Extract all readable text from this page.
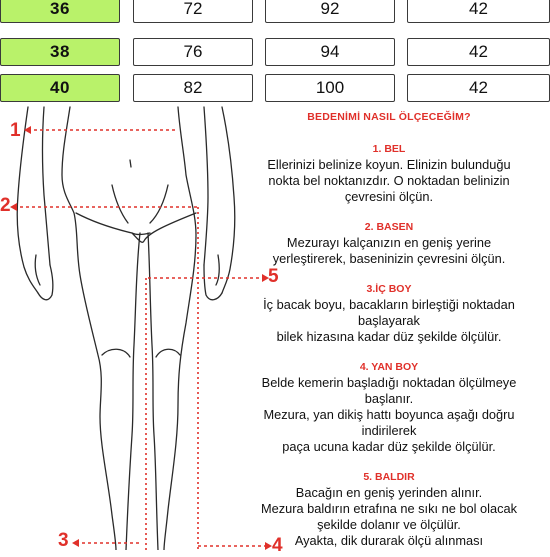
36	72	92	42
38	76	94	42
40	82	100	42
1
2
5
3	4
BEDENİMİ NASIL ÖLÇECEĞİM?
1. BEL
Ellerinizi belinize koyun. Elinizin bulunduğu
nokta bel noktanızdır. O noktadan belinizin
çevresini ölçün.
2. BASEN
Mezurayı kalçanızın en geniş yerine
yerleştirerek, baseninizin çevresini ölçün.
3.İÇ BOY
İç bacak boyu, bacakların birleştiği noktadan
başlayarak
bilek hizasına kadar düz şekilde ölçülür.
4. YAN BOY
Belde kemerin başladığı noktadan ölçülmeye
başlanır.
Mezura, yan dikiş hattı boyunca aşağı doğru
indirilerek
paça ucuna kadar düz şekilde ölçülür.
5. BALDIR
Bacağın en geniş yerinden alınır.
Mezura baldırın etrafına ne sıkı ne bol olacak
şekilde dolanır ve ölçülür.
Ayakta, dik durarak ölçü alınması
